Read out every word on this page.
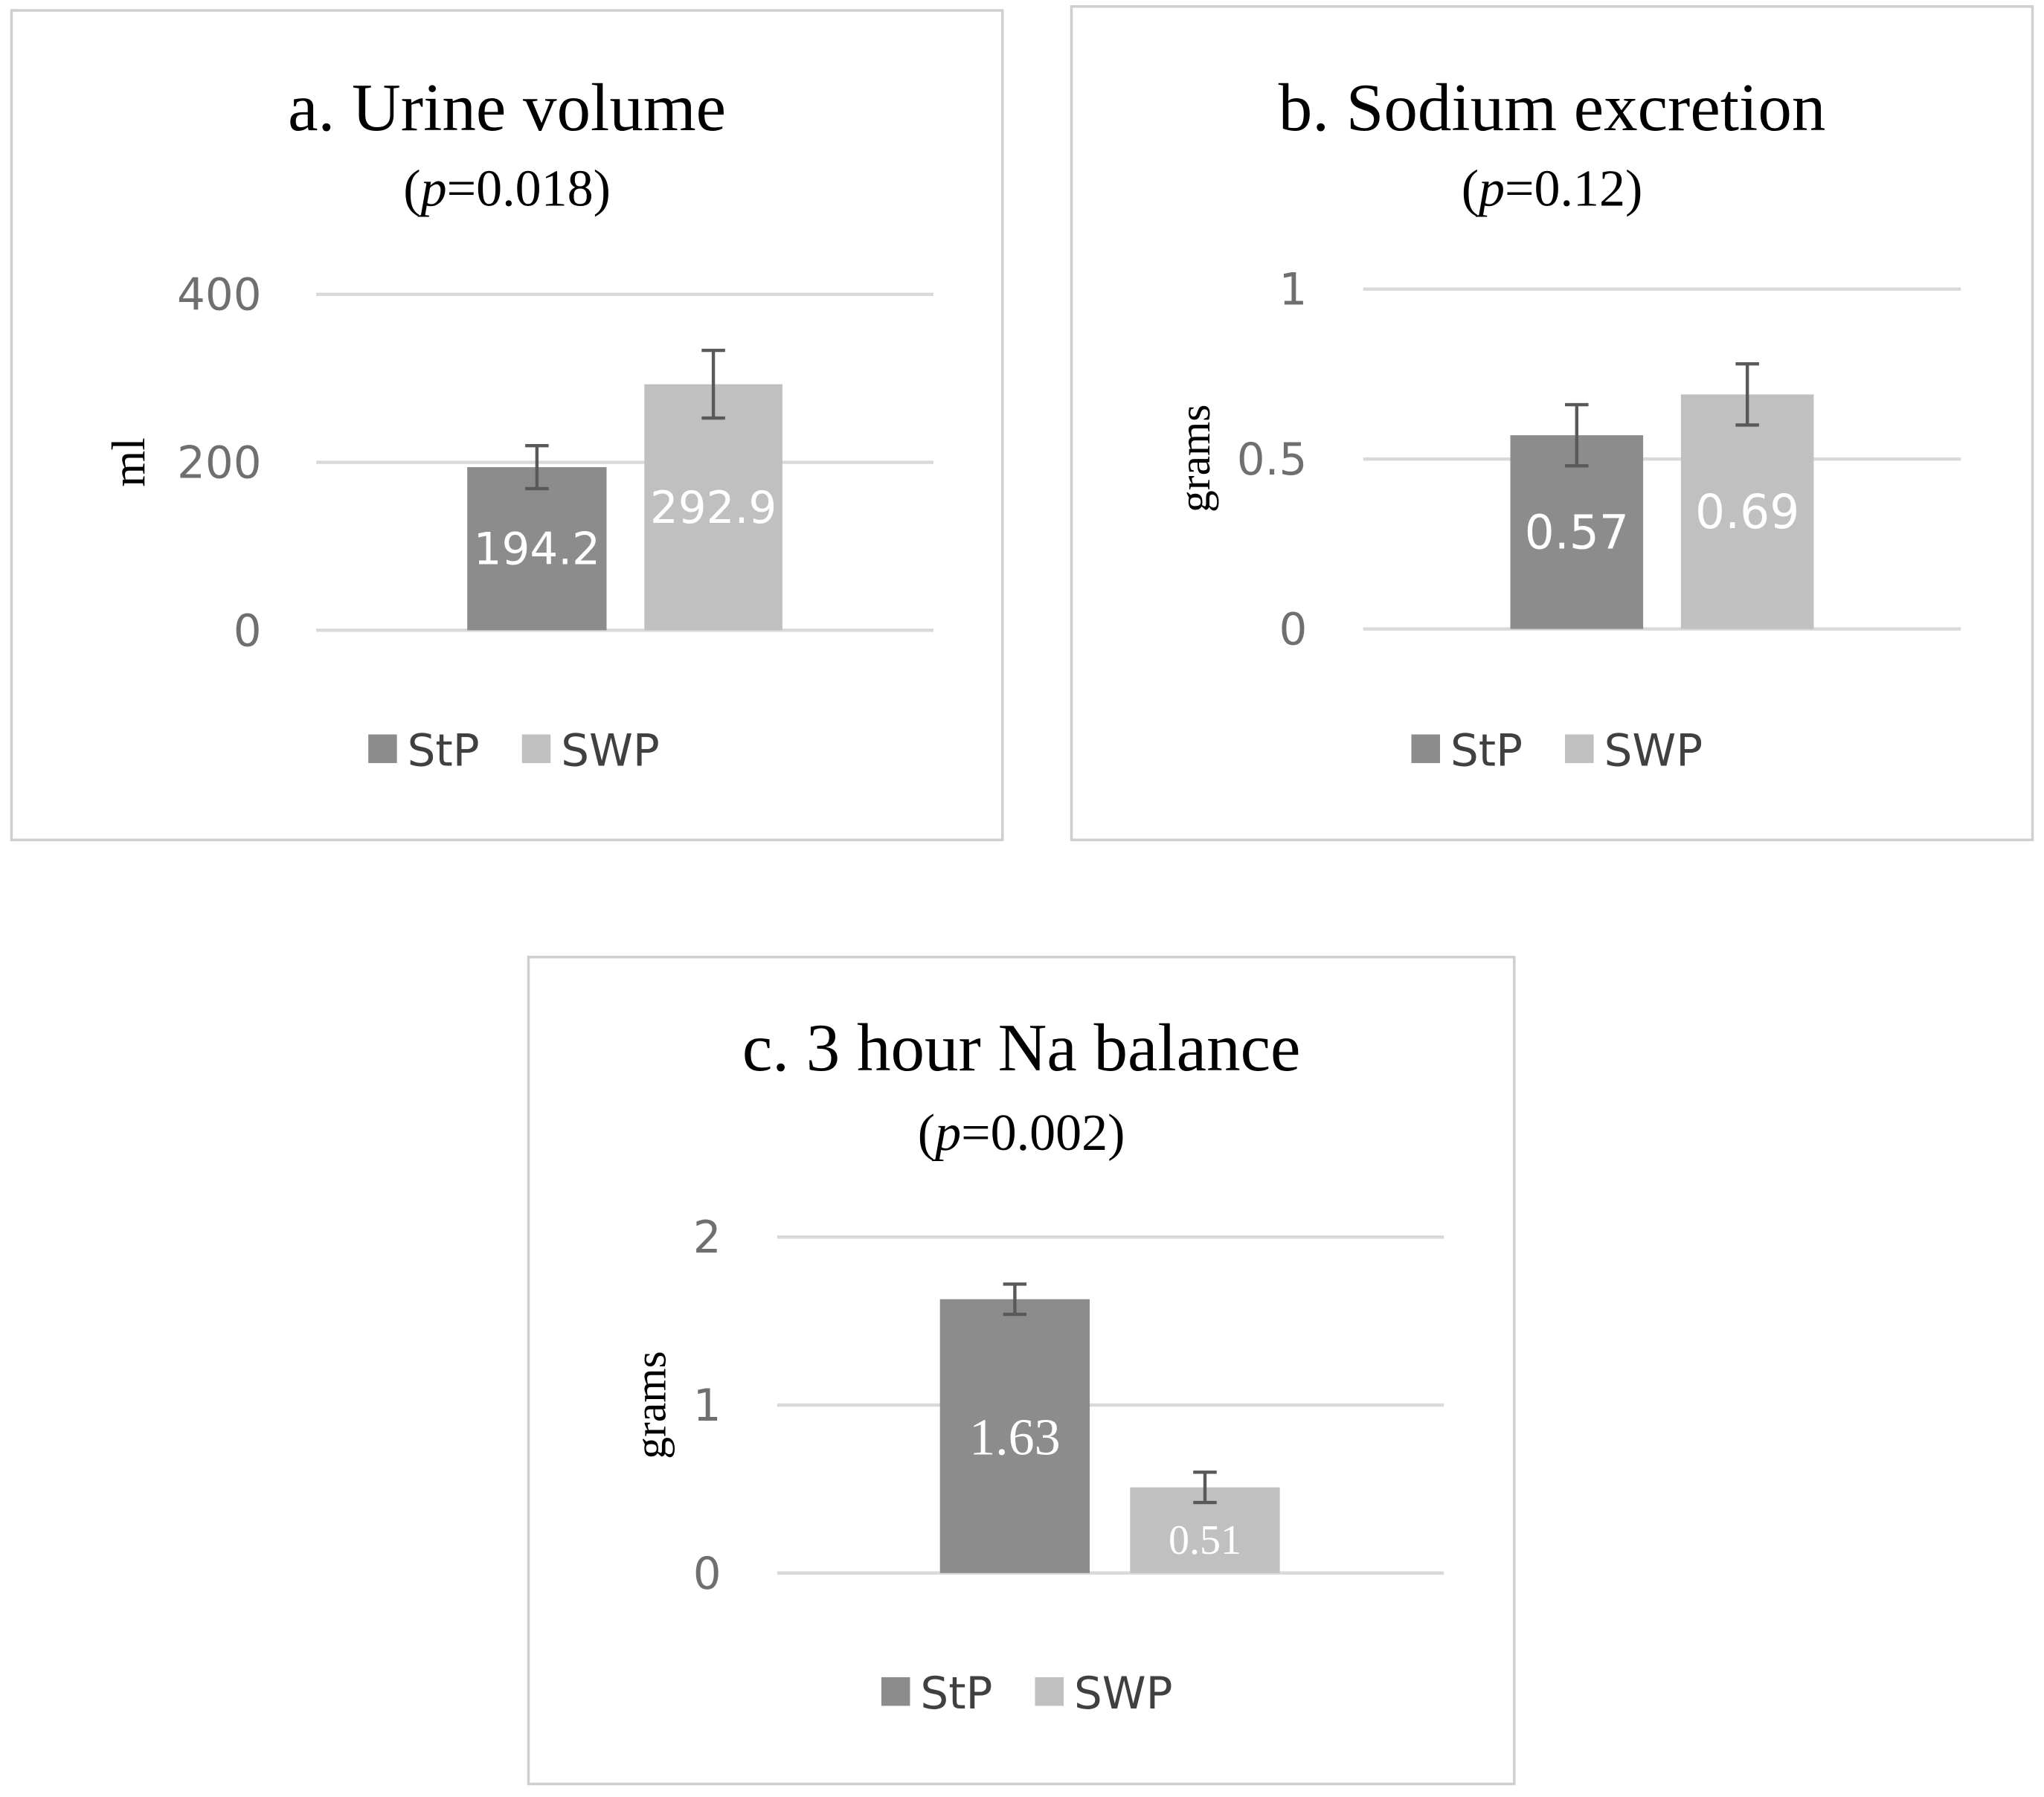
a. Urine volume
(p=0.018)
0
200
400
ml
194.2
StP
292.9
SWP
b. Sodium excretion
(p=0.12)
0
0.5
1
grams
0.57
StP
0.69
SWP
c. 3 hour Na balance
(p=0.002)
0
1
2
grams	1.63
StP
0.51
SWP
